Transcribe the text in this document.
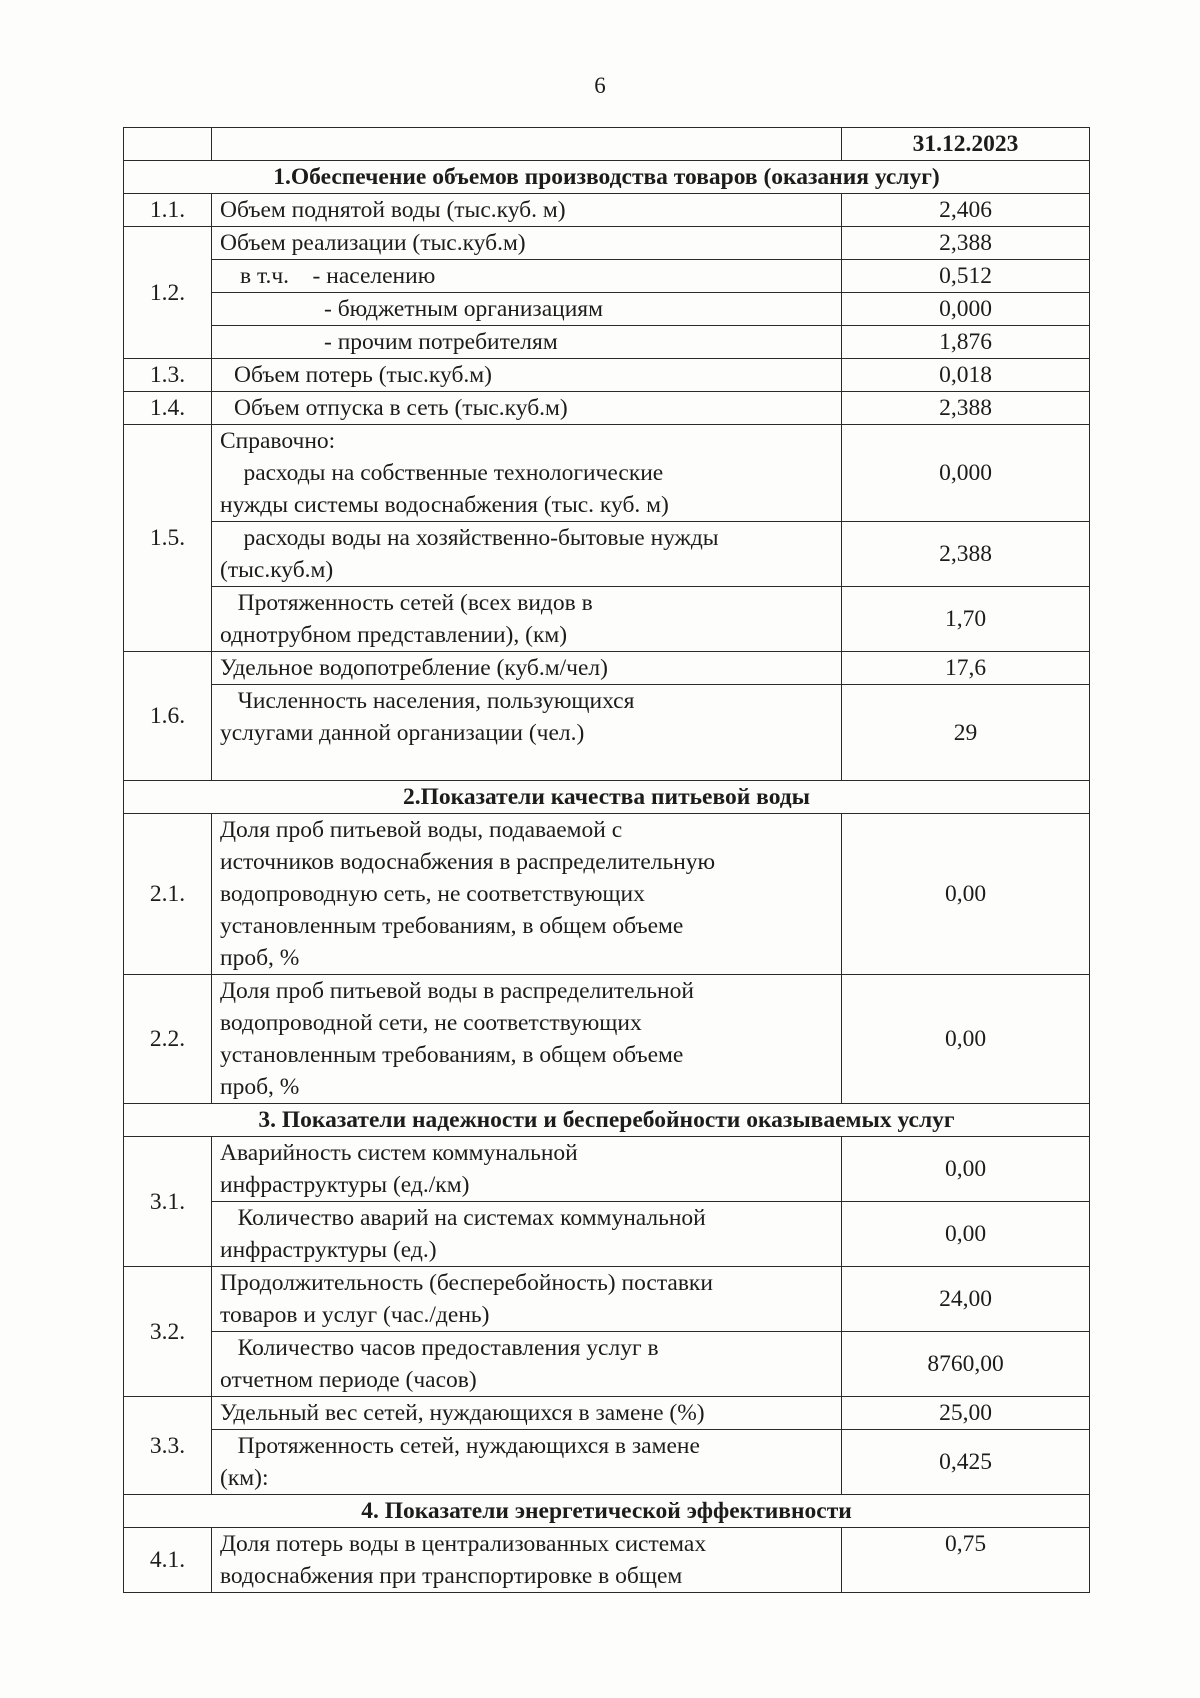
6
		31.12.2023
1.Обеспечение объемов производства товаров (оказания услуг)		
1.1.	Объем поднятой воды (тыс.куб. м)	2,406
1.2.	Объем реализации (тыс.куб.м)	2,388
	в т.ч. - населению	0,512
	- бюджетным организациям	0,000
	- прочим потребителям	1,876
1.3.	Объем потерь (тыс.куб.м)	0,018
1.4.	Объем отпуска в сеть (тыс.куб.м)	2,388
1.5.	Справочно:

расходы на собственные технологические

нужды системы водоснабжения (тыс. куб. м)	0,000

	расходы воды на хозяйственно-бытовые нужды

(тыс.куб.м)	2,388

	Протяженность сетей (всех видов в

однотрубном представлении), (км)	1,70
1.6.	Удельное водопотребление (куб.м/чел)	17,6

	Численность населения, пользующихся

услугами данной организации (чел.)	29
2.Показатели качества питьевой воды		
2.1.	Доля проб питьевой воды, подаваемой с

источников водоснабжения в распределительную

водопроводную сеть, не соответствующих

установленным требованиям, в общем объеме

проб, %	0,00
2.2.	Доля проб питьевой воды в распределительной

водопроводной сети, не соответствующих

установленным требованиям, в общем объеме

проб, %	0,00
3. Показатели надежности и бесперебойности оказываемых услуг		
3.1.	Аварийность систем коммунальной

инфраструктуры (ед./км)	0,00

	Количество аварий на системах коммунальной

инфраструктуры (ед.)	0,00
3.2.	Продолжительность (бесперебойность) поставки

товаров и услуг (час./день)	24,00

	Количество часов предоставления услуг в

отчетном периоде (часов)	8760,00
3.3.	Удельный вес сетей, нуждающихся в замене (%)	25,00

	Протяженность сетей, нуждающихся в замене

(км):	0,425
4. Показатели энергетической эффективности		
4.1.	Доля потерь воды в централизованных системах

водоснабжения при транспортировке в общем	0,75
